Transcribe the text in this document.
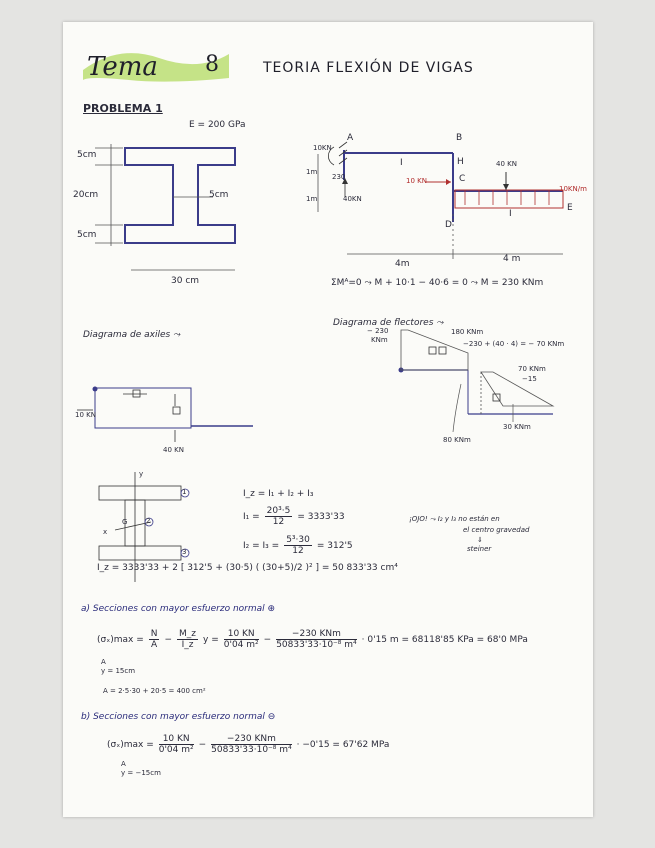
Tema 8	TEORIA FLEXIÓN DE VIGAS
PROBLEMA 1
E = 200 GPa
5cm
20cm
5cm
5cm
30 cm
A	B
H
C
D
E
10KN
10 KN
40 KN
40KN
10KN/m
1m
1m
230
I
I
4m	4 m
ΣMᴬ=0 ⤳ M + 10·1 − 40·6 = 0 ⤳ M = 230 KNm
Diagrama de axiles ⤳
10 KN
40 KN
Diagrama de flectores ⤳
− 230
KNm
180 KNm
−230 + (40 · 4) = − 70 KNm
70 KNm
−15
30 KNm
80 KNm
y
x
G
1
2
3
I_z = I₁ + I₂ + I₃
$I_1 = \frac{\text{20³·5}}{12} = 3333'33$
$I_2 = I_3 = \frac{\text{5³·30}}{12} = 312'5$
¡OJO! ⤳ I₂ y I₃ no están en
el centro gravedad
⇓
steiner
I_z = 3333'33 + 2 [ 312'5 + (30·5) ( (30+5)/2 )² ] = 50 833'33 cm⁴
a) Secciones con mayor esfuerzo normal ⊕
$(\sigma_x)\max = \frac{N}{A} - \frac{M\_z}{I\_z}$ $y = \frac{10 KN}{\text{0'04 m²}} - \frac{\text{−230 KNm}}{\text{50833'33·10⁻⁸ m⁴}} \cdot 0'15$ m = 68118'85 KPa = 68'0 MPa
A
y = 15cm
A = 2·5·30 + 20·5 = 400 cm²
b) Secciones con mayor esfuerzo normal ⊖
$(\sigma_x)\max = \frac{10 KN}{\text{0'04 m²}} - \frac{\text{−230 KNm}}{\text{50833'33·10⁻⁸ m⁴}} \cdot -0'15 = 67'62$ MPa
A
y = −15cm
